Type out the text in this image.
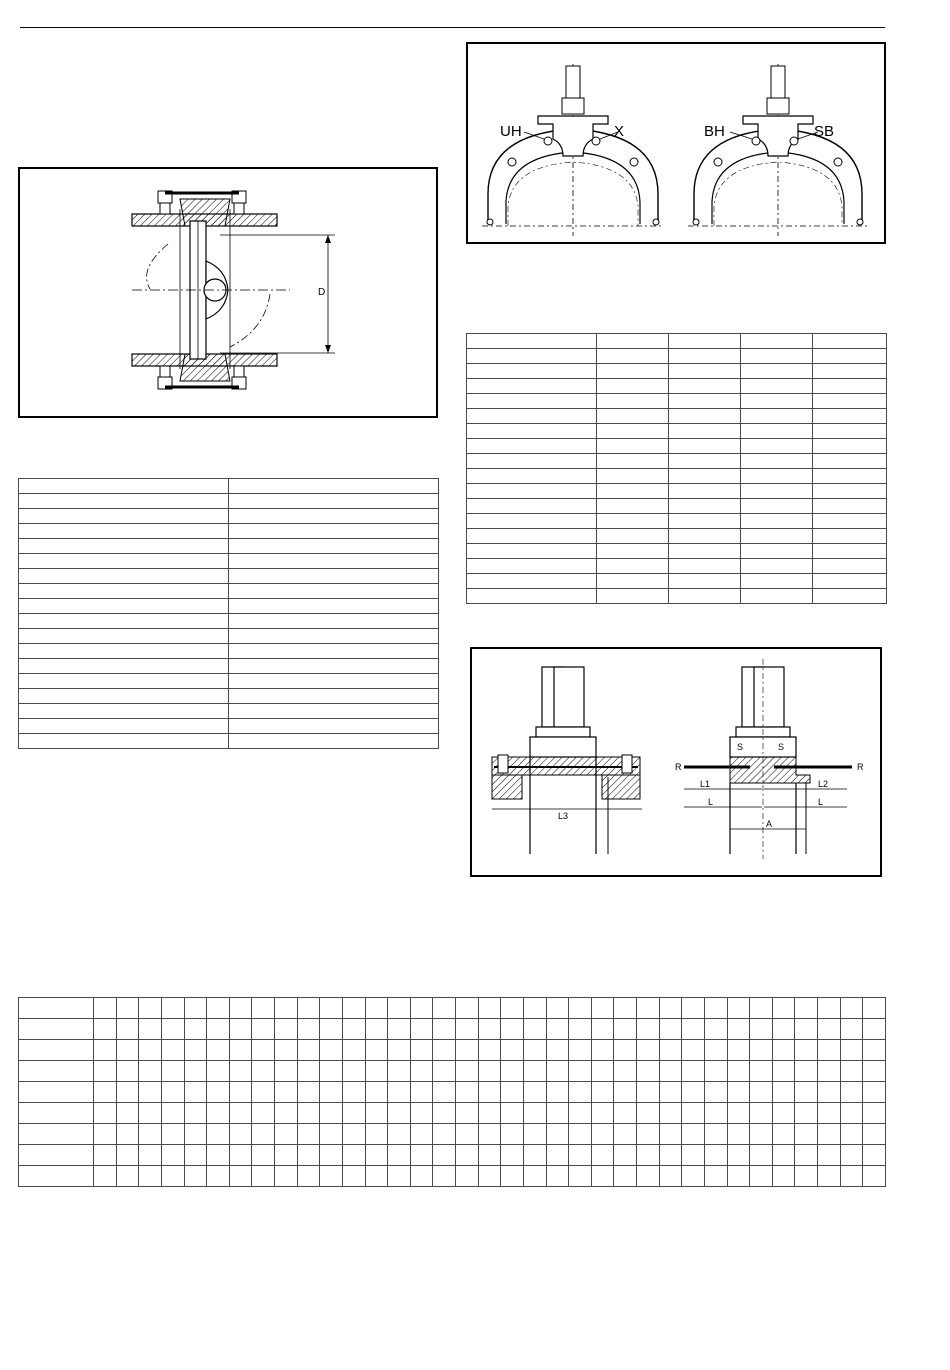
D
UH	X	BH	SB
L3
S	S
R	R
L1	L2
L	L
A
